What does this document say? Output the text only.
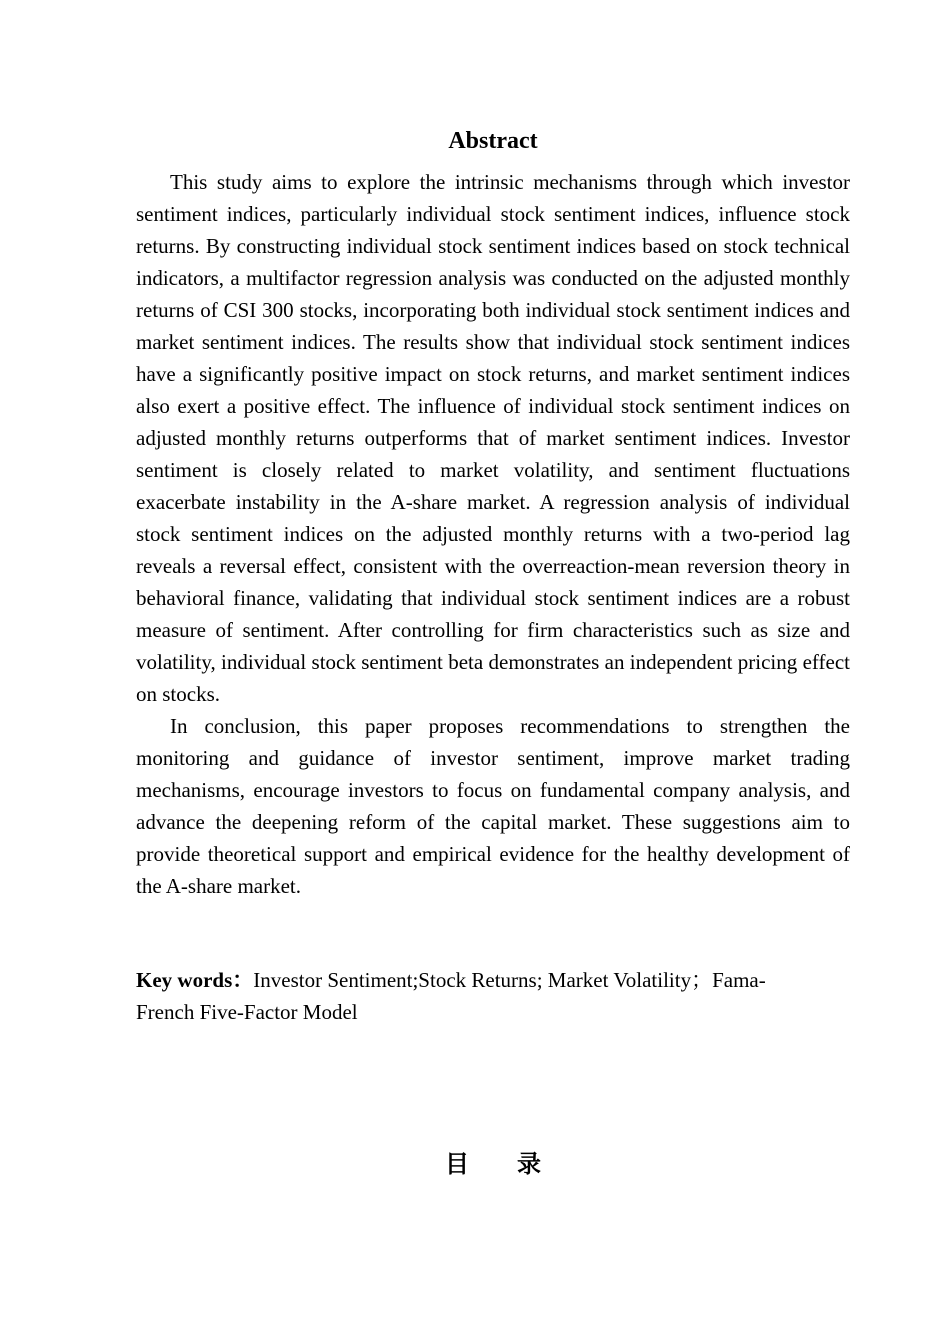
Abstract

This study aims to explore the intrinsic mechanisms through which investor sentiment indices, particularly individual stock sentiment indices, influence stock returns. By constructing individual stock sentiment indices based on stock technical indicators, a multifactor regression analysis was conducted on the adjusted monthly returns of CSI 300 stocks, incorporating both individual stock sentiment indices and market sentiment indices. The results show that individual stock sentiment indices have a significantly positive impact on stock returns, and market sentiment indices also exert a positive effect. The influence of individual stock sentiment indices on adjusted monthly returns outperforms that of market sentiment indices. Investor sentiment is closely related to market volatility, and sentiment fluctuations exacerbate instability in the A-share market. A regression analysis of individual stock sentiment indices on the adjusted monthly returns with a two-period lag reveals a reversal effect, consistent with the overreaction-mean reversion theory in behavioral finance, validating that individual stock sentiment indices are a robust measure of sentiment. After controlling for firm characteristics such as size and volatility, individual stock sentiment beta demonstrates an independent pricing effect on stocks.

In conclusion, this paper proposes recommendations to strengthen the monitoring and guidance of investor sentiment, improve market trading mechanisms, encourage investors to focus on fundamental company analysis, and advance the deepening reform of the capital market. These suggestions aim to provide theoretical support and empirical evidence for the healthy development of the A-share market.

Key words：Investor Sentiment;Stock Returns; Market Volatility；Fama-French Five-Factor Model

目 录
